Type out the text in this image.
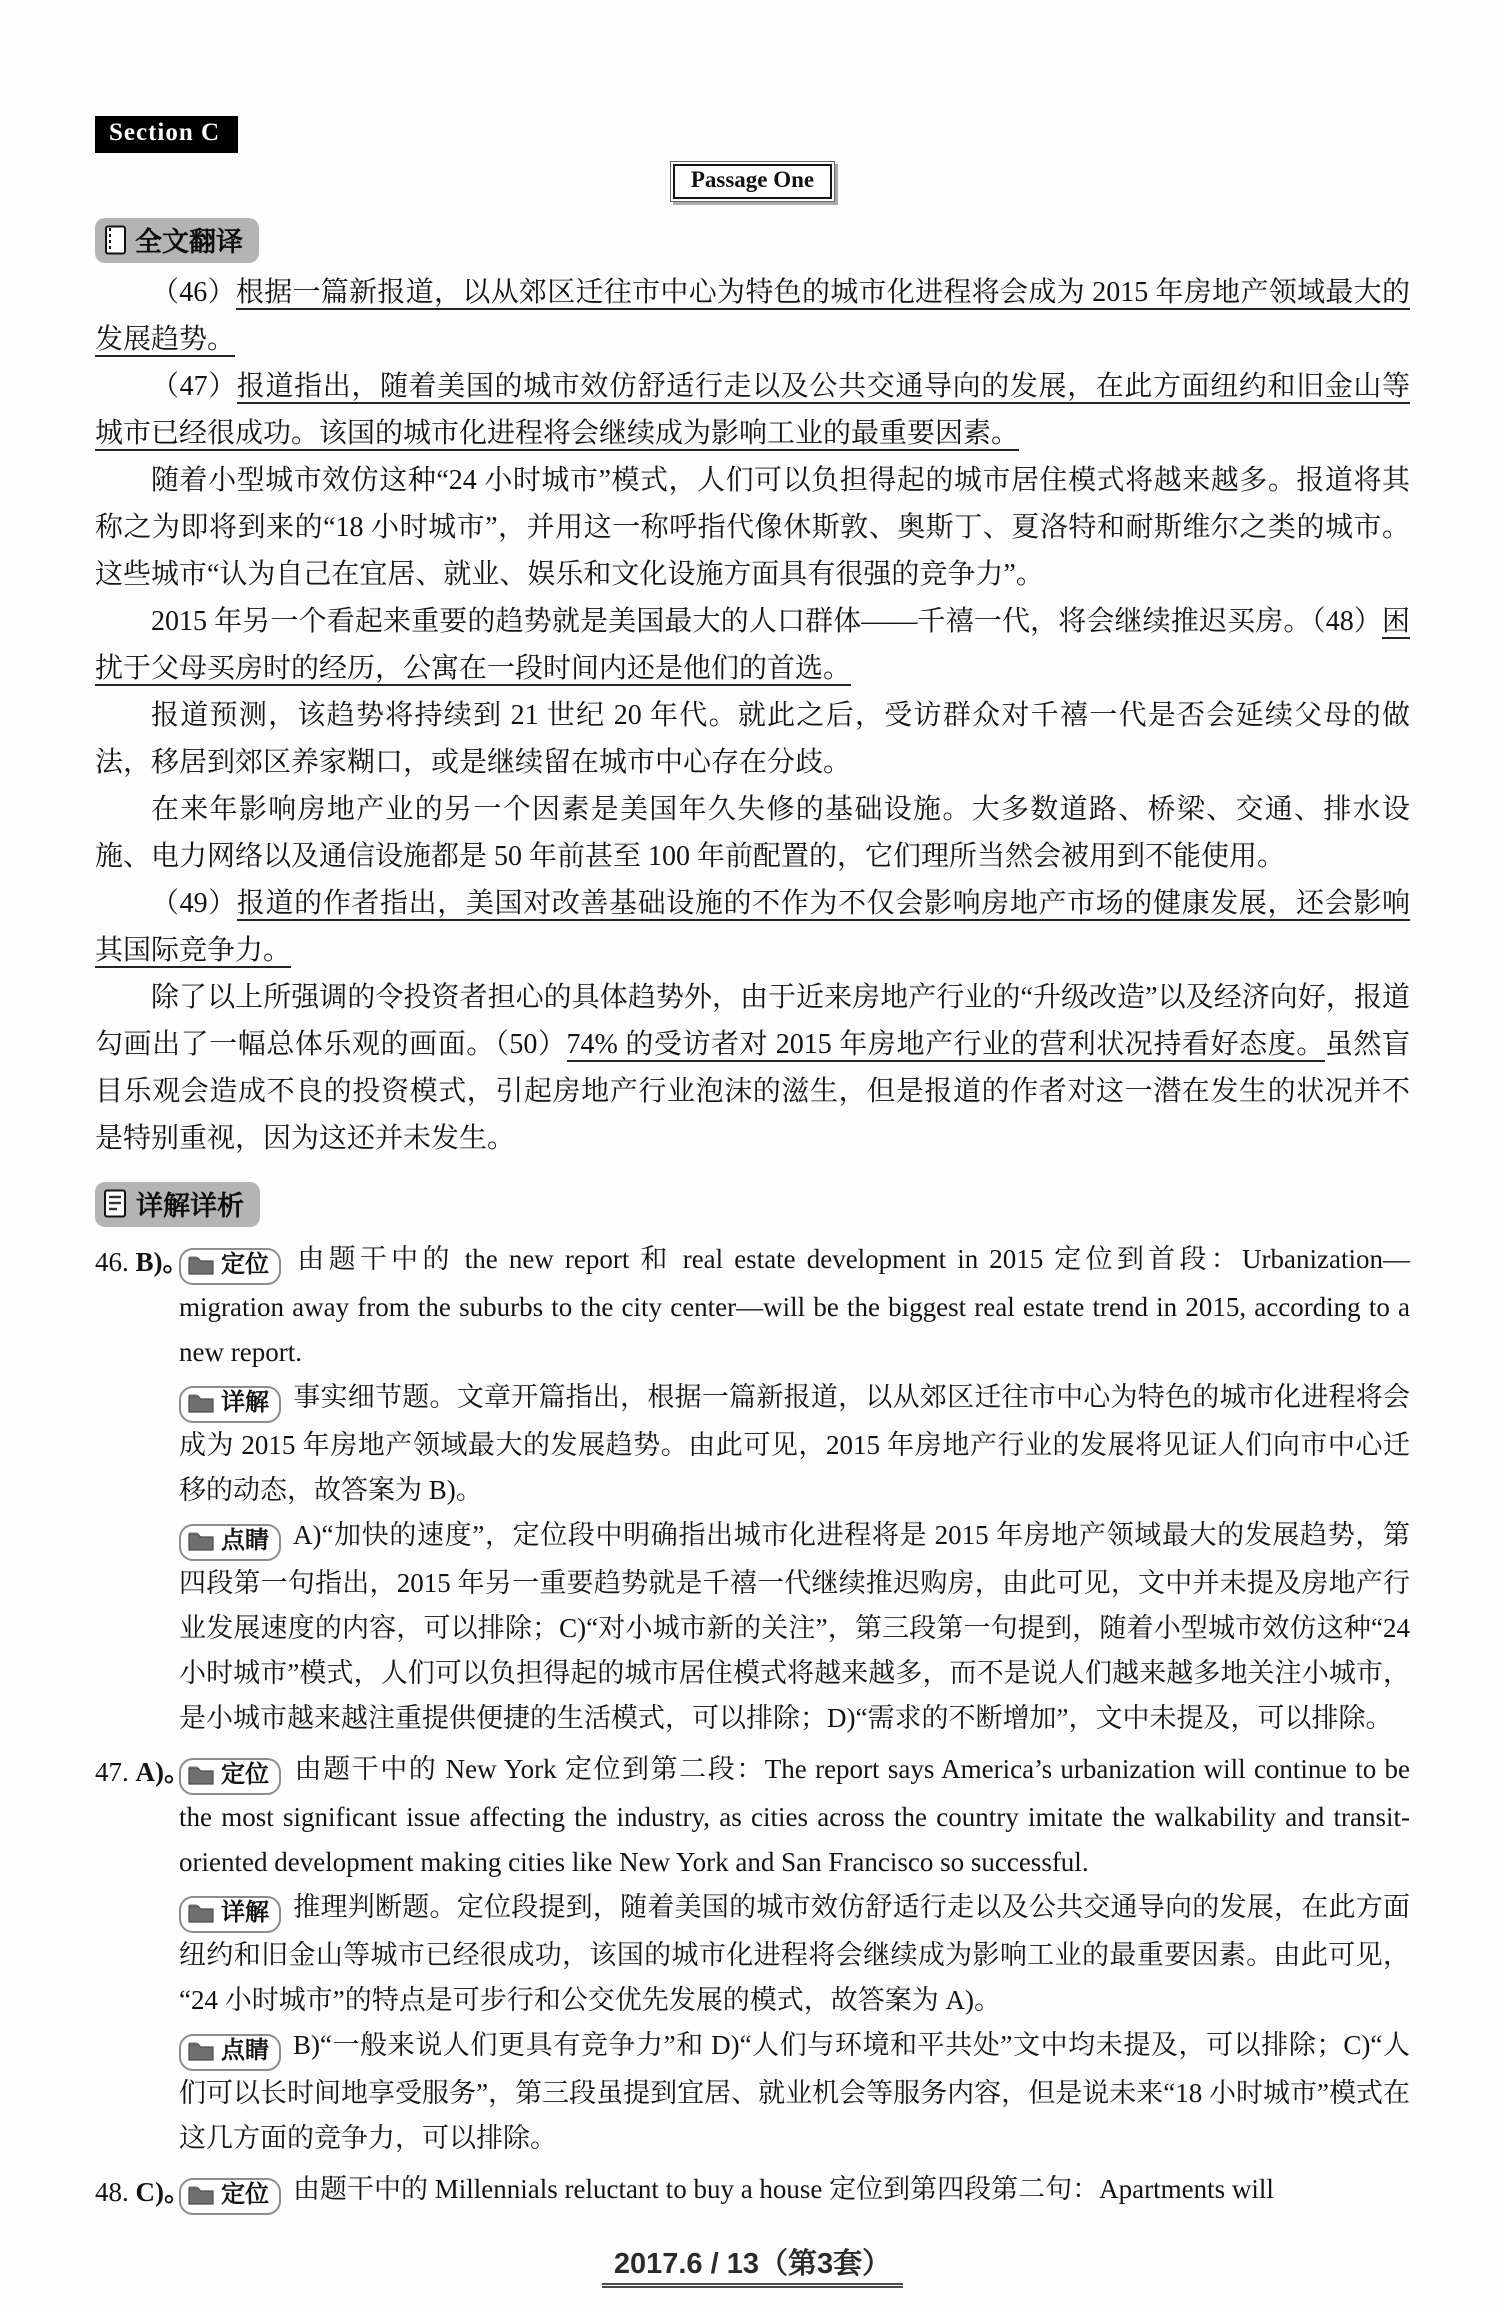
Section C
Passage One
全文翻译

（46）根据一篇新报道，以从郊区迁往市中心为特色的城市化进程将会成为 2015 年房地产领域最大的发展趋势。

（47）报道指出，随着美国的城市效仿舒适行走以及公共交通导向的发展，在此方面纽约和旧金山等城市已经很成功。该国的城市化进程将会继续成为影响工业的最重要因素。

随着小型城市效仿这种“24 小时城市”模式，人们可以负担得起的城市居住模式将越来越多。报道将其称之为即将到来的“18 小时城市”，并用这一称呼指代像休斯敦、奥斯丁、夏洛特和耐斯维尔之类的城市。这些城市“认为自己在宜居、就业、娱乐和文化设施方面具有很强的竞争力”。

2015 年另一个看起来重要的趋势就是美国最大的人口群体——千禧一代，将会继续推迟买房。（48）困扰于父母买房时的经历，公寓在一段时间内还是他们的首选。

报道预测，该趋势将持续到 21 世纪 20 年代。就此之后，受访群众对千禧一代是否会延续父母的做法，移居到郊区养家糊口，或是继续留在城市中心存在分歧。

在来年影响房地产业的另一个因素是美国年久失修的基础设施。大多数道路、桥梁、交通、排水设施、电力网络以及通信设施都是 50 年前甚至 100 年前配置的，它们理所当然会被用到不能使用。

（49）报道的作者指出，美国对改善基础设施的不作为不仅会影响房地产市场的健康发展，还会影响其国际竞争力。

除了以上所强调的令投资者担心的具体趋势外，由于近来房地产行业的“升级改造”以及经济向好，报道勾画出了一幅总体乐观的画面。（50）74% 的受访者对 2015 年房地产行业的营利状况持看好态度。虽然盲目乐观会造成不良的投资模式，引起房地产行业泡沫的滋生，但是报道的作者对这一潜在发生的状况并不是特别重视，因为这还并未发生。

详解详析
46. B)。 定位 由题干中的 the new report 和 real estate development in 2015 定位到首段：Urbanization—migration away from the suburbs to the city center—will be the biggest real estate trend in 2015, according to a new report.
详解 事实细节题。文章开篇指出，根据一篇新报道，以从郊区迁往市中心为特色的城市化进程将会成为 2015 年房地产领域最大的发展趋势。由此可见，2015 年房地产行业的发展将见证人们向市中心迁移的动态，故答案为 B)。
点睛 A)“加快的速度”，定位段中明确指出城市化进程将是 2015 年房地产领域最大的发展趋势，第四段第一句指出，2015 年另一重要趋势就是千禧一代继续推迟购房，由此可见，文中并未提及房地产行业发展速度的内容，可以排除；C)“对小城市新的关注”，第三段第一句提到，随着小型城市效仿这种“24 小时城市”模式，人们可以负担得起的城市居住模式将越来越多，而不是说人们越来越多地关注小城市，是小城市越来越注重提供便捷的生活模式，可以排除；D)“需求的不断增加”，文中未提及，可以排除。
47. A)。 定位 由题干中的 New York 定位到第二段：The report says America’s urbanization will continue to be the most significant issue affecting the industry, as cities across the country imitate the walkability and transit-oriented development making cities like New York and San Francisco so successful.
详解 推理判断题。定位段提到，随着美国的城市效仿舒适行走以及公共交通导向的发展，在此方面纽约和旧金山等城市已经很成功，该国的城市化进程将会继续成为影响工业的最重要因素。由此可见，“24 小时城市”的特点是可步行和公交优先发展的模式，故答案为 A)。
点睛 B)“一般来说人们更具有竞争力”和 D)“人们与环境和平共处”文中均未提及，可以排除；C)“人们可以长时间地享受服务”，第三段虽提到宜居、就业机会等服务内容，但是说未来“18 小时城市”模式在这几方面的竞争力，可以排除。
48. C)。 定位 由题干中的 Millennials reluctant to buy a house 定位到第四段第二句：Apartments will
2017.6 / 13（第3套）
